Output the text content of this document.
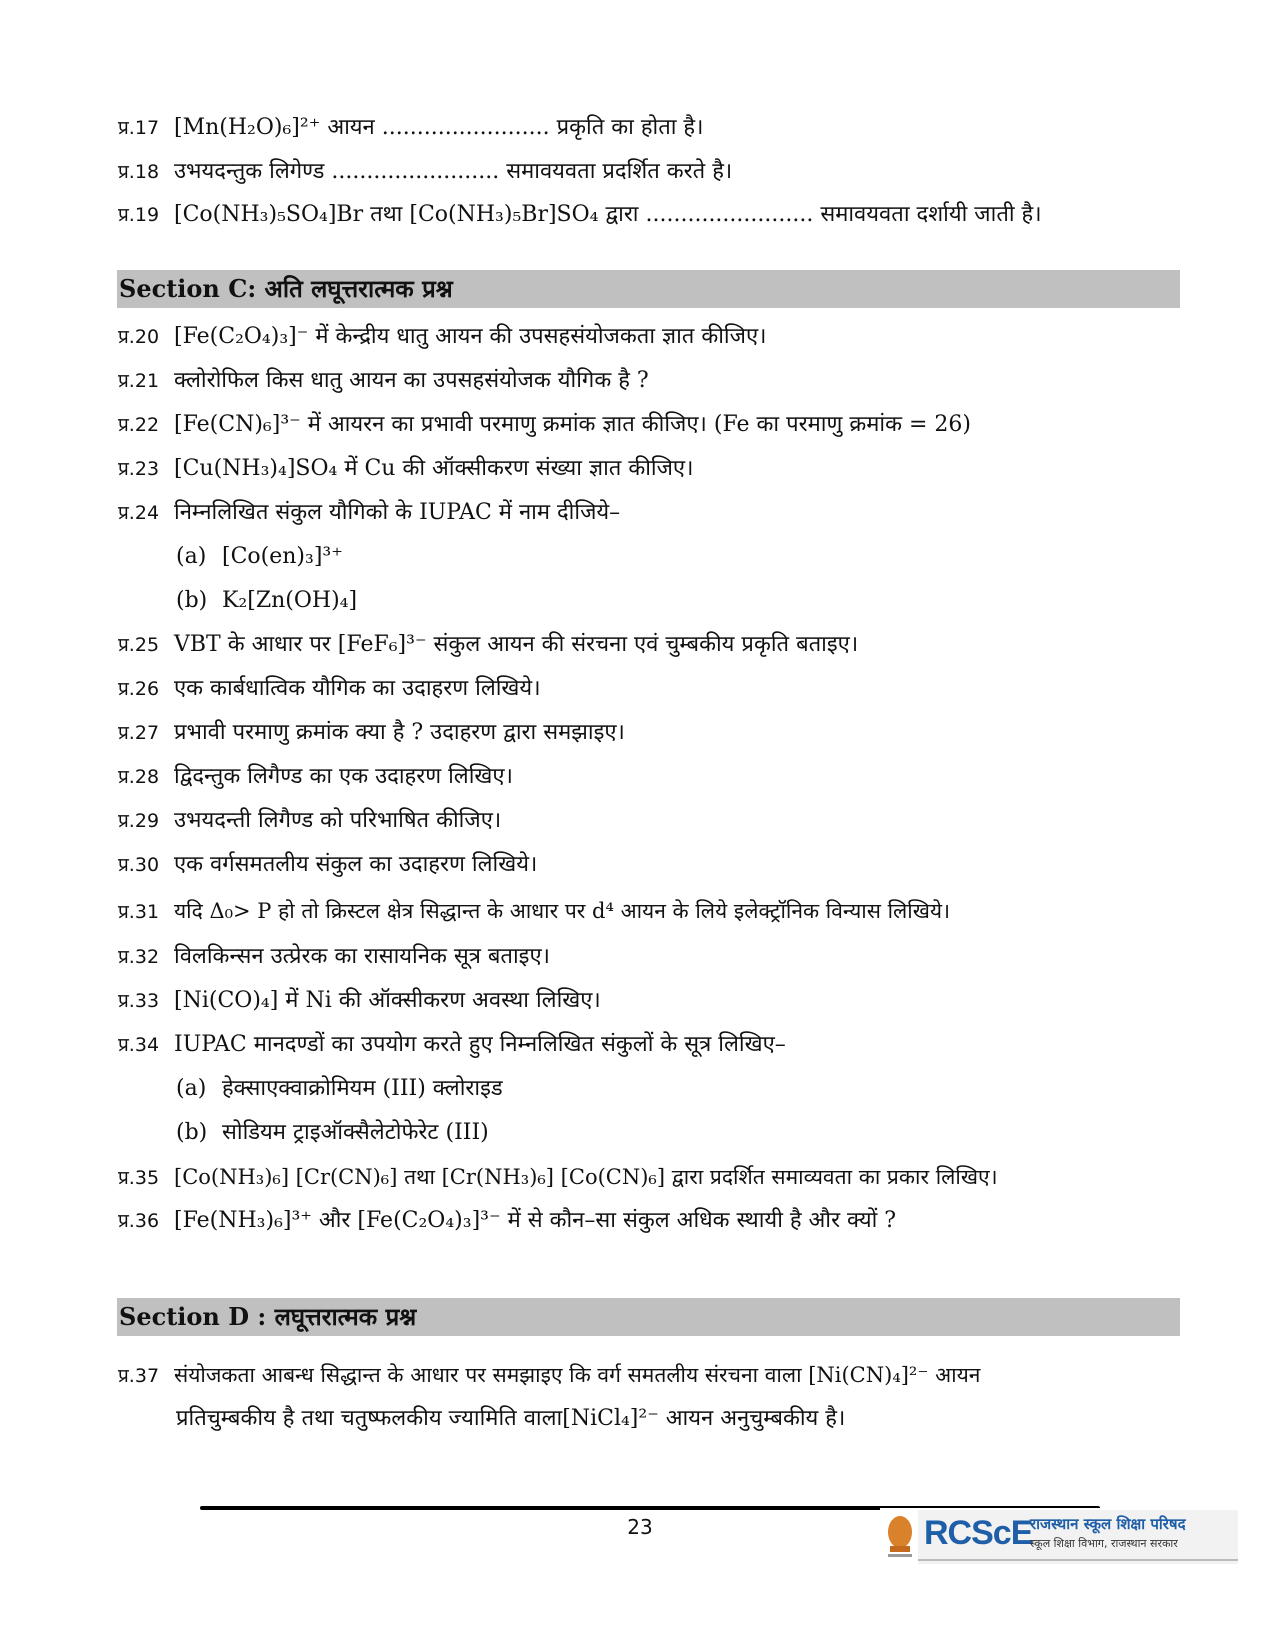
प्र.17 [Mn(H₂O)₆]²⁺ आयन ........................ प्रकृति का होता है।
प्र.18 उभयदन्तुक लिगेण्ड ........................ समावयवता प्रदर्शित करते है।
प्र.19 [Co(NH₃)₅SO₄]Br तथा [Co(NH₃)₅Br]SO₄ द्वारा ........................ समावयवता दर्शायी जाती है।
Section C: अति लघूत्तरात्मक प्रश्न
प्र.20 [Fe(C₂O₄)₃]⁻ में केन्द्रीय धातु आयन की उपसहसंयोजकता ज्ञात कीजिए।
प्र.21 क्लोरोफिल किस धातु आयन का उपसहसंयोजक यौगिक है ?
प्र.22 [Fe(CN)₆]³⁻ में आयरन का प्रभावी परमाणु क्रमांक ज्ञात कीजिए। (Fe का परमाणु क्रमांक = 26)
प्र.23 [Cu(NH₃)₄]SO₄ में Cu की ऑक्सीकरण संख्या ज्ञात कीजिए।
प्र.24 निम्नलिखित संकुल यौगिको के IUPAC में नाम दीजिये–
(a) [Co(en)₃]³⁺
(b) K₂[Zn(OH)₄]
प्र.25 VBT के आधार पर [FeF₆]³⁻ संकुल आयन की संरचना एवं चुम्बकीय प्रकृति बताइए।
प्र.26 एक कार्बधात्विक यौगिक का उदाहरण लिखिये।
प्र.27 प्रभावी परमाणु क्रमांक क्या है ? उदाहरण द्वारा समझाइए।
प्र.28 द्विदन्तुक लिगैण्ड का एक उदाहरण लिखिए।
प्र.29 उभयदन्ती लिगैण्ड को परिभाषित कीजिए।
प्र.30 एक वर्गसमतलीय संकुल का उदाहरण लिखिये।
प्र.31 यदि Δ₀> P हो तो क्रिस्टल क्षेत्र सिद्धान्त के आधार पर d⁴ आयन के लिये इलेक्ट्रॉनिक विन्यास लिखिये।
प्र.32 विलकिन्सन उत्प्रेरक का रासायनिक सूत्र बताइए।
प्र.33 [Ni(CO)₄] में Ni की ऑक्सीकरण अवस्था लिखिए।
प्र.34 IUPAC मानदण्डों का उपयोग करते हुए निम्नलिखित संकुलों के सूत्र लिखिए–
(a) हेक्साएक्वाक्रोमियम (III) क्लोराइड
(b) सोडियम ट्राइऑक्सैलेटोफेरेट (III)
प्र.35 [Co(NH₃)₆] [Cr(CN)₆] तथा [Cr(NH₃)₆] [Co(CN)₆] द्वारा प्रदर्शित समाव्यवता का प्रकार लिखिए।
प्र.36 [Fe(NH₃)₆]³⁺ और [Fe(C₂O₄)₃]³⁻ में से कौन–सा संकुल अधिक स्थायी है और क्यों ?
Section D : लघूत्तरात्मक प्रश्न
प्र.37 संयोजकता आबन्ध सिद्धान्त के आधार पर समझाइए कि वर्ग समतलीय संरचना वाला [Ni(CN)₄]²⁻ आयन
प्रतिचुम्बकीय है तथा चतुष्फलकीय ज्यामिति वाला[NiCl₄]²⁻ आयन अनुचुम्बकीय है।
23	RCScE
राजस्थान स्कूल शिक्षा परिषद
स्कूल शिक्षा विभाग, राजस्थान सरकार
